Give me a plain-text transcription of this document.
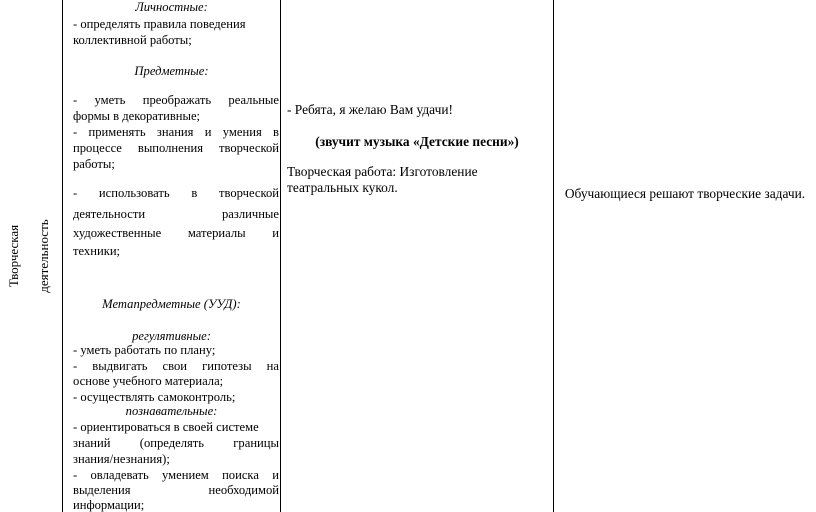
Творческая деятельность
Личностные:
- определять правила поведения
коллективной работы;
Предметные:
- уметь преображать реальные
формы в декоративные;
- применять знания и умения в
процессе выполнения творческой
работы;
- использовать в творческой
деятельности различные
художественные материалы и
техники;
Метапредметные (УУД):
регулятивные:
- уметь работать по плану;
- выдвигать свои гипотезы на
основе учебного материала;
- осуществлять самоконтроль;
познавательные:
- ориентироваться в своей системе
знаний (определять границы
знания/незнания);
- овладевать умением поиска и
выделения необходимой
информации;
- Ребята, я желаю Вам удачи!
(звучит музыка «Детские песни»)
Творческая работа: Изготовление
театральных кукол.	Обучающиеся решают творческие задачи.
